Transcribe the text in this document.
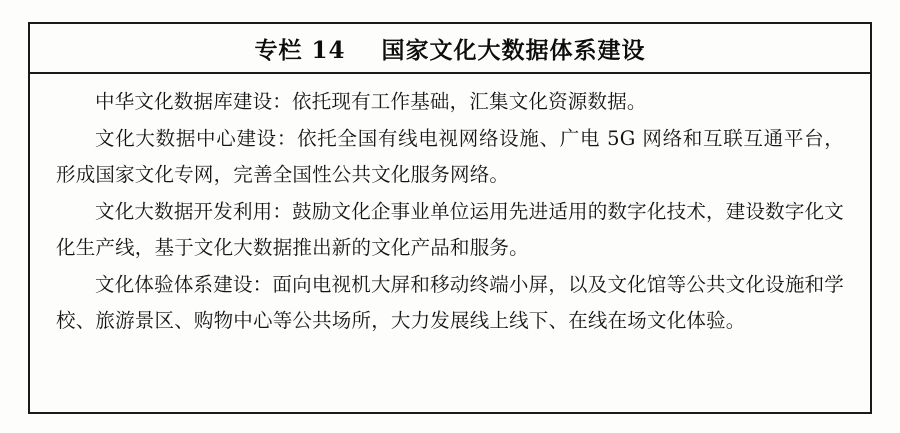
专栏 14    国家文化大数据体系建设

中华文化数据库建设：依托现有工作基础，汇集文化资源数据。

文化大数据中心建设：依托全国有线电视网络设施、广电 5G 网络和互联互通平台，形成国家文化专网，完善全国性公共文化服务网络。

文化大数据开发利用：鼓励文化企事业单位运用先进适用的数字化技术，建设数字化文化生产线，基于文化大数据推出新的文化产品和服务。

文化体验体系建设：面向电视机大屏和移动终端小屏，以及文化馆等公共文化设施和学校、旅游景区、购物中心等公共场所，大力发展线上线下、在线在场文化体验。
